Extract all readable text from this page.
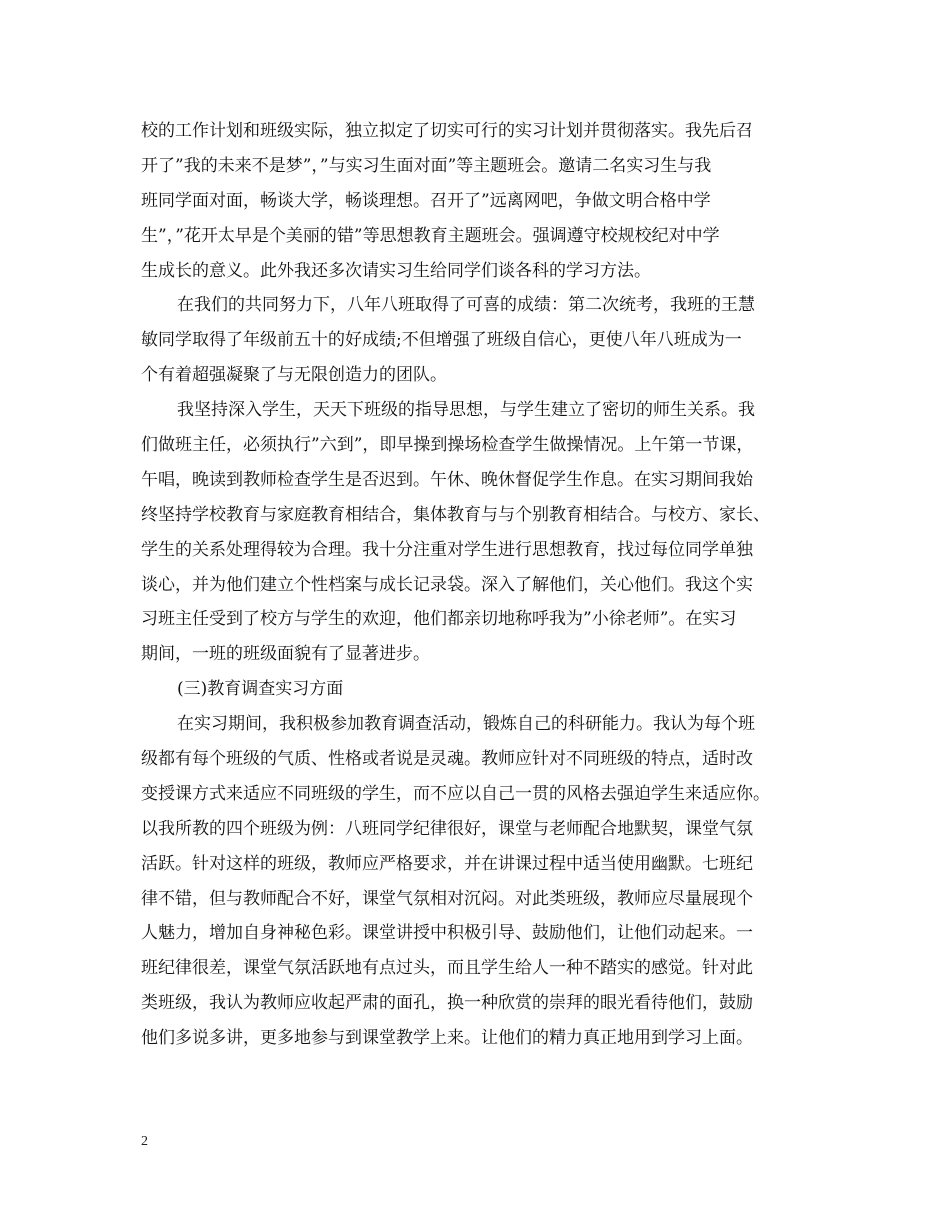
校的工作计划和班级实际，独立拟定了切实可行的实习计划并贯彻落实。我先后召
开了”我的未来不是梦”，”与实习生面对面”等主题班会。邀请二名实习生与我
班同学面对面，畅谈大学，畅谈理想。召开了”远离网吧，争做文明合格中学
生”，”花开太早是个美丽的错”等思想教育主题班会。强调遵守校规校纪对中学
生成长的意义。此外我还多次请实习生给同学们谈各科的学习方法。
在我们的共同努力下，八年八班取得了可喜的成绩：第二次统考，我班的王慧
敏同学取得了年级前五十的好成绩;不但增强了班级自信心，更使八年八班成为一
个有着超强凝聚了与无限创造力的团队。
我坚持深入学生，天天下班级的指导思想，与学生建立了密切的师生关系。我
们做班主任，必须执行”六到”，即早操到操场检查学生做操情况。上午第一节课，
午唱，晚读到教师检查学生是否迟到。午休、晚休督促学生作息。在实习期间我始
终坚持学校教育与家庭教育相结合，集体教育与与个别教育相结合。与校方、家长、
学生的关系处理得较为合理。我十分注重对学生进行思想教育，找过每位同学单独
谈心，并为他们建立个性档案与成长记录袋。深入了解他们，关心他们。我这个实
习班主任受到了校方与学生的欢迎，他们都亲切地称呼我为”小徐老师”。在实习
期间，一班的班级面貌有了显著进步。
(三)教育调查实习方面
在实习期间，我积极参加教育调查活动，锻炼自己的科研能力。我认为每个班
级都有每个班级的气质、性格或者说是灵魂。教师应针对不同班级的特点，适时改
变授课方式来适应不同班级的学生，而不应以自己一贯的风格去强迫学生来适应你。
以我所教的四个班级为例：八班同学纪律很好，课堂与老师配合地默契，课堂气氛
活跃。针对这样的班级，教师应严格要求，并在讲课过程中适当使用幽默。七班纪
律不错，但与教师配合不好，课堂气氛相对沉闷。对此类班级，教师应尽量展现个
人魅力，增加自身神秘色彩。课堂讲授中积极引导、鼓励他们，让他们动起来。一
班纪律很差，课堂气氛活跃地有点过头，而且学生给人一种不踏实的感觉。针对此
类班级，我认为教师应收起严肃的面孔，换一种欣赏的崇拜的眼光看待他们，鼓励
他们多说多讲，更多地参与到课堂教学上来。让他们的精力真正地用到学习上面。
2
